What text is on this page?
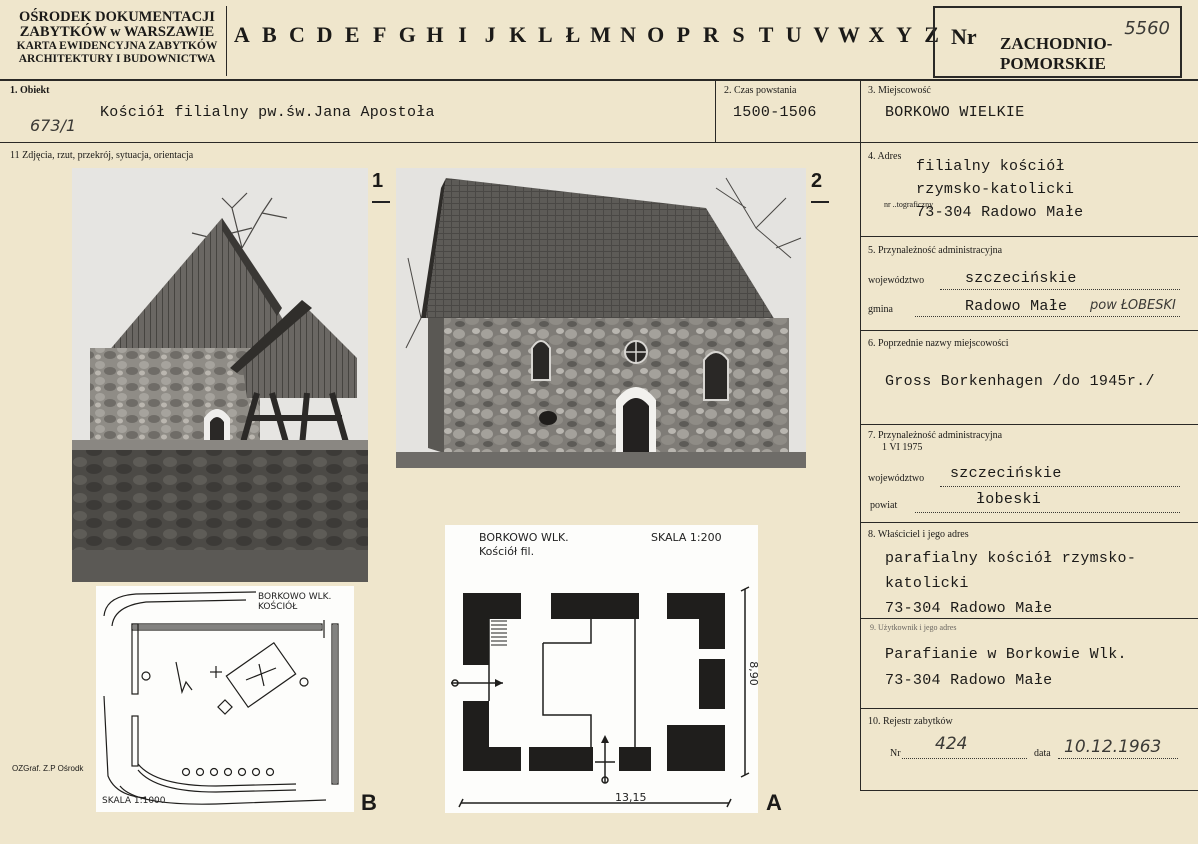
OŚRODEK DOKUMENTACJI
ZABYTKÓW w WARSZAWIE
KARTA EWIDENCYJNA ZABYTKÓW
ARCHITEKTURY I BUDOWNICTWA
A B C D E F G H I J K L Ł M N O P R S T U V W X Y Z Nr ZACHODNIO-
POMORSKIE
5560
1. Obiekt
673/1
Kościół filialny pw.św.Jana Apostoła
2. Czas powstania
1500-1506
3. Miejscowość
BORKOWO WIELKIE
11 Zdjęcia, rzut, przekrój, sytuacja, orientacja
1	2
BORKOWO WLK.
Kościół fil.
SKALA 1:200
8,90
13,15	A
BORKOWO WLK.
KOŚCIÓŁ
SKALA 1:1000	B
OZGraf. Z.P Ośrodk
4. Adres
nr ..tograficzny
filialny kościół
rzymsko-katolicki
73-304 Radowo Małe
5. Przynależność administracyjna
województwo	szczecińskie
gmina	Radowo Małe pow ŁOBESKI
6. Poprzednie nazwy miejscowości
Gross Borkenhagen /do 1945r./
7. Przynależność administracyjna
1 VI 1975
województwo szczecińskie
powiat	łobeski
8. Właściciel i jego adres
parafialny kościół rzymsko-
katolicki
73-304 Radowo Małe
9. Użytkownik i jego adres
Parafianie w Borkowie Wlk.
73-304 Radowo Małe
10. Rejestr zabytków
Nr 424	data 10.12.1963
